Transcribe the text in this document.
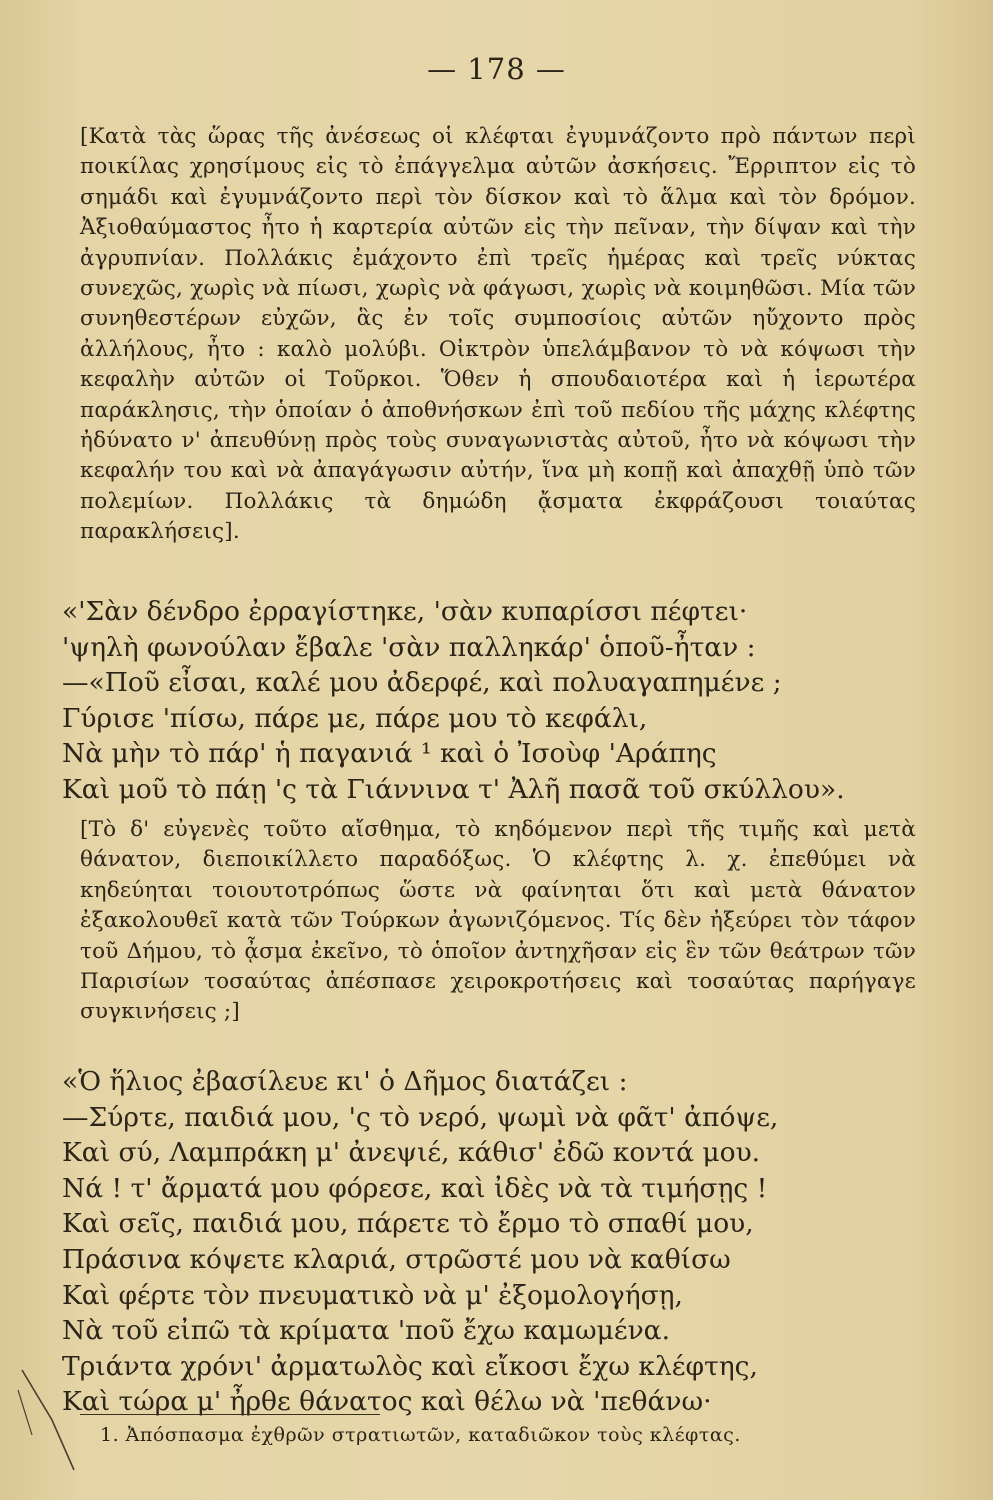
— 178 —

[Κατὰ τὰς ὥρας τῆς ἀνέσεως οἱ κλέφται ἐγυμνάζοντο πρὸ πάντων περὶ ποικίλας χρησίμους εἰς τὸ ἐπάγγελμα αὐτῶν ἀσκήσεις. Ἔρριπτον εἰς τὸ σημάδι καὶ ἐγυμνάζοντο περὶ τὸν δίσκον καὶ τὸ ἅλμα καὶ τὸν δρόμον. Ἀξιοθαύμαστος ἦτο ἡ καρτερία αὐτῶν εἰς τὴν πεῖναν, τὴν δίψαν καὶ τὴν ἀγρυπνίαν. Πολλάκις ἐμάχοντο ἐπὶ τρεῖς ἡμέρας καὶ τρεῖς νύκτας συνεχῶς, χωρὶς νὰ πίωσι, χωρὶς νὰ φάγωσι, χωρὶς νὰ κοιμηθῶσι. Μία τῶν συνηθεστέρων εὐχῶν, ἃς ἐν τοῖς συμποσίοις αὐτῶν ηὔχοντο πρὸς ἀλλήλους, ἦτο : καλὸ μολύβι. Οἰκτρὸν ὑπελάμβανον τὸ νὰ κόψωσι τὴν κεφαλὴν αὐτῶν οἱ Τοῦρκοι. Ὅθεν ἡ σπουδαιοτέρα καὶ ἡ ἱερωτέρα παράκλησις, τὴν ὁποίαν ὁ ἀποθνήσκων ἐπὶ τοῦ πεδίου τῆς μάχης κλέφτης ἠδύνατο ν' ἀπευθύνῃ πρὸς τοὺς συναγωνιστὰς αὐτοῦ, ἦτο νὰ κόψωσι τὴν κεφαλήν του καὶ νὰ ἀπαγάγωσιν αὐτήν, ἵνα μὴ κοπῇ καὶ ἀπαχθῇ ὑπὸ τῶν πολεμίων. Πολλάκις τὰ δημώδη ᾄσματα ἐκφράζουσι τοιαύτας παρακλήσεις].

«'Σὰν δένδρο ἐρραγίστηκε, 'σὰν κυπαρίσσι πέφτει·
'ψηλὴ φωνούλαν ἔβαλε 'σὰν παλληκάρ' ὁποῦ-ἦταν :
—«Ποῦ εἶσαι, καλέ μου ἀδερφέ, καὶ πολυαγαπημένε ;
Γύρισε 'πίσω, πάρε με, πάρε μου τὸ κεφάλι,
Νὰ μὴν τὸ πάρ' ἡ παγανιά ¹ καὶ ὁ Ἰσοὺφ 'Αράπης
Καὶ μοῦ τὸ πάῃ 'ς τὰ Γιάννινα τ' Ἀλῆ πασᾶ τοῦ σκύλλου».

[Τὸ δ' εὐγενὲς τοῦτο αἴσθημα, τὸ κηδόμενον περὶ τῆς τιμῆς καὶ μετὰ θάνατον, διεποικίλλετο παραδόξως. Ὁ κλέφτης λ. χ. ἐπεθύμει νὰ κηδεύηται τοιουτοτρόπως ὥστε νὰ φαίνηται ὅτι καὶ μετὰ θάνατον ἐξακολουθεῖ κατὰ τῶν Τούρκων ἀγωνιζόμενος. Τίς δὲν ἠξεύρει τὸν τάφον τοῦ Δήμου, τὸ ᾆσμα ἐκεῖνο, τὸ ὁποῖον ἀντηχῆσαν εἰς ἓν τῶν θεάτρων τῶν Παρισίων τοσαύτας ἀπέσπασε χειροκροτήσεις καὶ τοσαύτας παρήγαγε συγκινήσεις ;]

«Ὁ ἥλιος ἐβασίλευε κι' ὁ Δῆμος διατάζει :
—Σύρτε, παιδιά μου, 'ς τὸ νερό, ψωμὶ νὰ φᾶτ' ἀπόψε,
Καὶ σύ, Λαμπράκη μ' ἀνεψιέ, κάθισ' ἐδῶ κοντά μου.
Νά ! τ' ἄρματά μου φόρεσε, καὶ ἰδὲς νὰ τὰ τιμήσῃς !
Καὶ σεῖς, παιδιά μου, πάρετε τὸ ἔρμο τὸ σπαθί μου,
Πράσινα κόψετε κλαριά, στρῶστέ μου νὰ καθίσω
Καὶ φέρτε τὸν πνευματικὸ νὰ μ' ἐξομολογήσῃ,
Νὰ τοῦ εἰπῶ τὰ κρίματα 'ποῦ ἔχω καμωμένα.
Τριάντα χρόνι' ἀρματωλὸς καὶ εἴκοσι ἔχω κλέφτης,
Καὶ τώρα μ' ἦρθε θάνατος καὶ θέλω νὰ 'πεθάνω·
1. Ἀπόσπασμα ἐχθρῶν στρατιωτῶν, καταδιῶκον τοὺς κλέφτας.
